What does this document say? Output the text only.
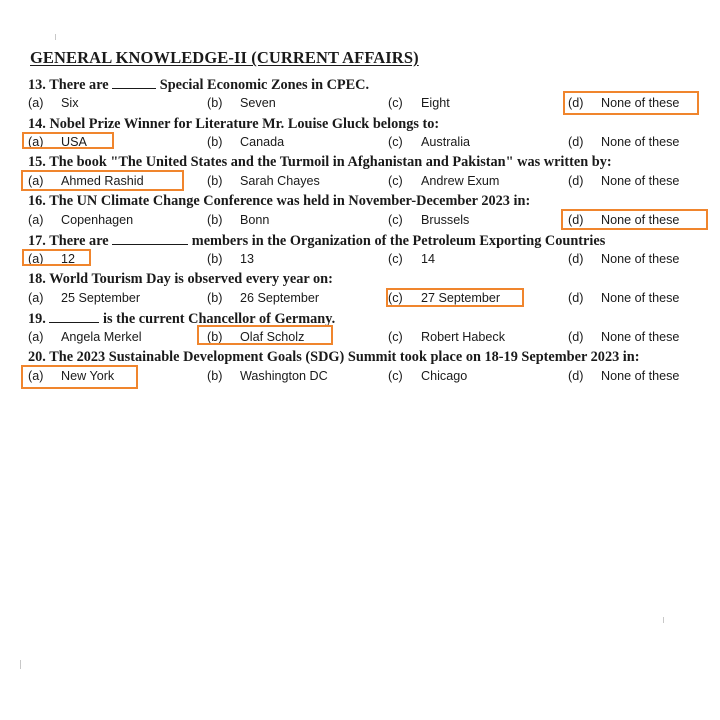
GENERAL KNOWLEDGE-II (CURRENT AFFAIRS)
13. There are	Special Economic Zones in CPEC.
(a) Six	(b) Seven	(c) Eight	(d) None of these
14. Nobel Prize Winner for Literature Mr. Louise Gluck belongs to:
(a) USA	(b) Canada	(c) Australia	(d) None of these
15. The book "The United States and the Turmoil in Afghanistan and Pakistan" was written by:
(a) Ahmed Rashid	(b) Sarah Chayes	(c) Andrew Exum	(d) None of these
16. The UN Climate Change Conference was held in November-December 2023 in:
(a) Copenhagen	(b) Bonn	(c) Brussels	(d) None of these
17. There are	members in the Organization of the Petroleum Exporting Countries
(a) 12	(b) 13	(c) 14	(d) None of these
18. World Tourism Day is observed every year on:
(a) 25 September	(b) 26 September	(c) 27 September	(d) None of these
19.	is the current Chancellor of Germany.
(a) Angela Merkel	(b) Olaf Scholz	(c) Robert Habeck	(d) None of these
20. The 2023 Sustainable Development Goals (SDG) Summit took place on 18-19 September 2023 in:
(a) New York	(b) Washington DC	(c) Chicago	(d) None of these
